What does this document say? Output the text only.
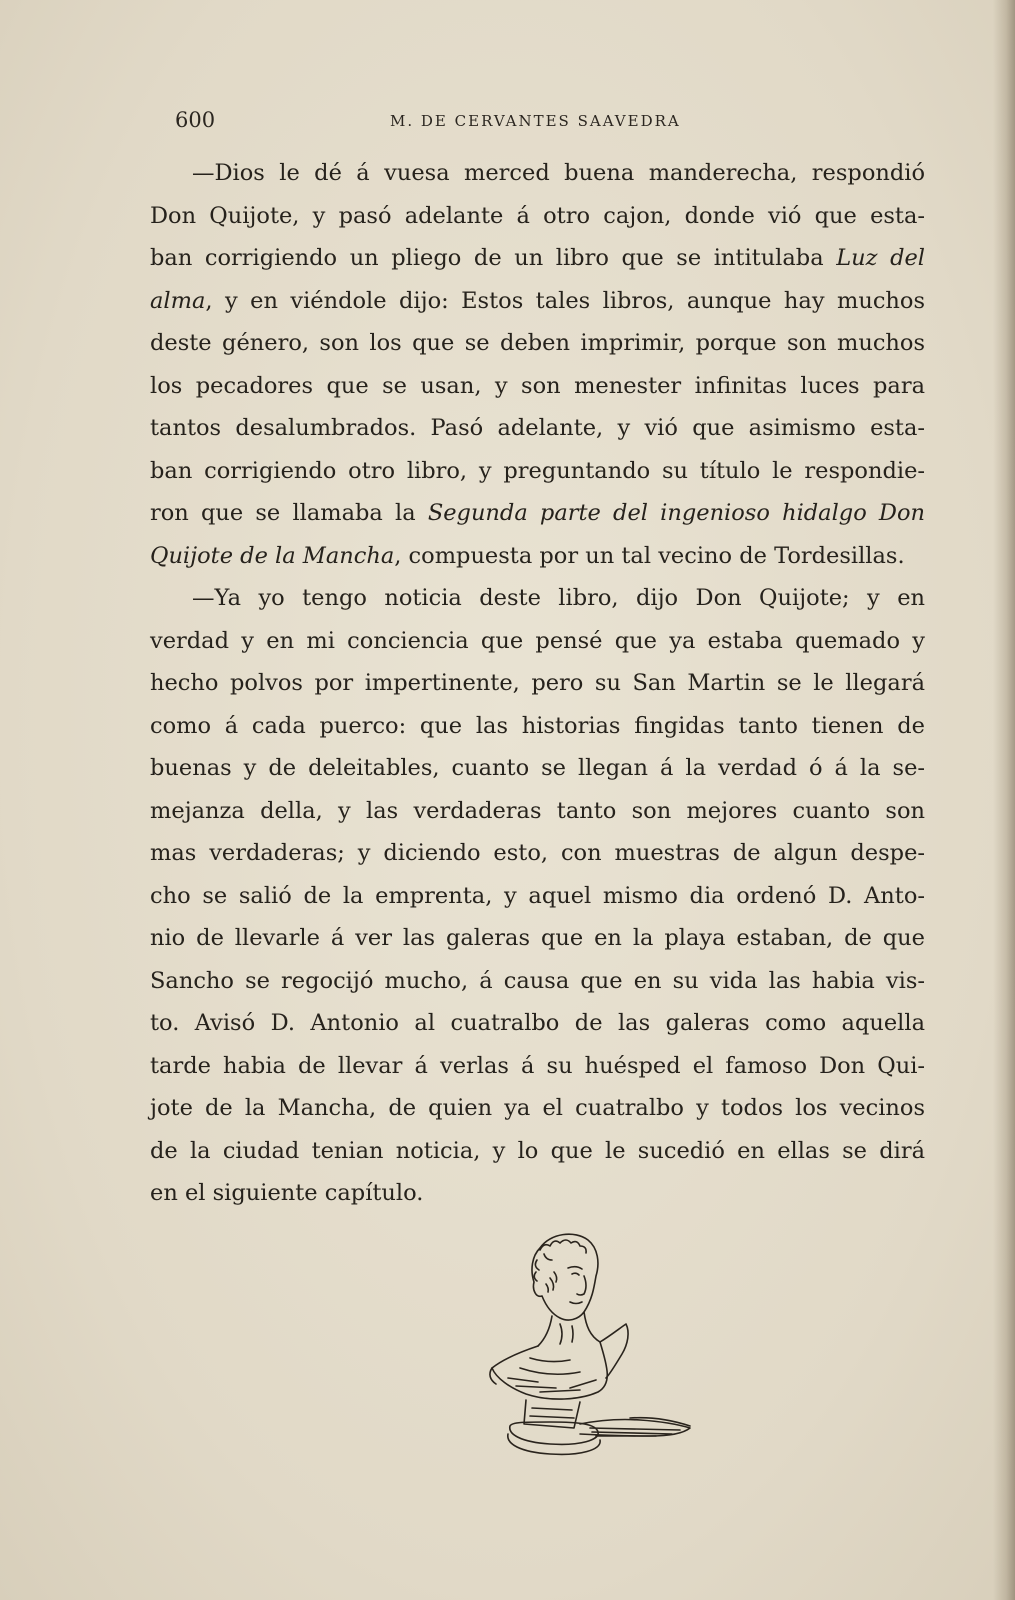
600	M. DE CERVANTES SAAVEDRA
—Dios le dé á vuesa merced buena manderecha, respondió
Don Quijote, y pasó adelante á otro cajon, donde vió que esta-
ban corrigiendo un pliego de un libro que se intitulaba Luz del
alma, y en viéndole dijo: Estos tales libros, aunque hay muchos
deste género, son los que se deben imprimir, porque son muchos
los pecadores que se usan, y son menester infinitas luces para
tantos desalumbrados. Pasó adelante, y vió que asimismo esta-
ban corrigiendo otro libro, y preguntando su título le respondie-
ron que se llamaba la Segunda parte del ingenioso hidalgo Don
Quijote de la Mancha, compuesta por un tal vecino de Tordesillas.
—Ya yo tengo noticia deste libro, dijo Don Quijote; y en
verdad y en mi conciencia que pensé que ya estaba quemado y
hecho polvos por impertinente, pero su San Martin se le llegará
como á cada puerco: que las historias fingidas tanto tienen de
buenas y de deleitables, cuanto se llegan á la verdad ó á la se-
mejanza della, y las verdaderas tanto son mejores cuanto son
mas verdaderas; y diciendo esto, con muestras de algun despe-
cho se salió de la emprenta, y aquel mismo dia ordenó D. Anto-
nio de llevarle á ver las galeras que en la playa estaban, de que
Sancho se regocijó mucho, á causa que en su vida las habia vis-
to. Avisó D. Antonio al cuatralbo de las galeras como aquella
tarde habia de llevar á verlas á su huésped el famoso Don Qui-
jote de la Mancha, de quien ya el cuatralbo y todos los vecinos
de la ciudad tenian noticia, y lo que le sucedió en ellas se dirá
en el siguiente capítulo.
